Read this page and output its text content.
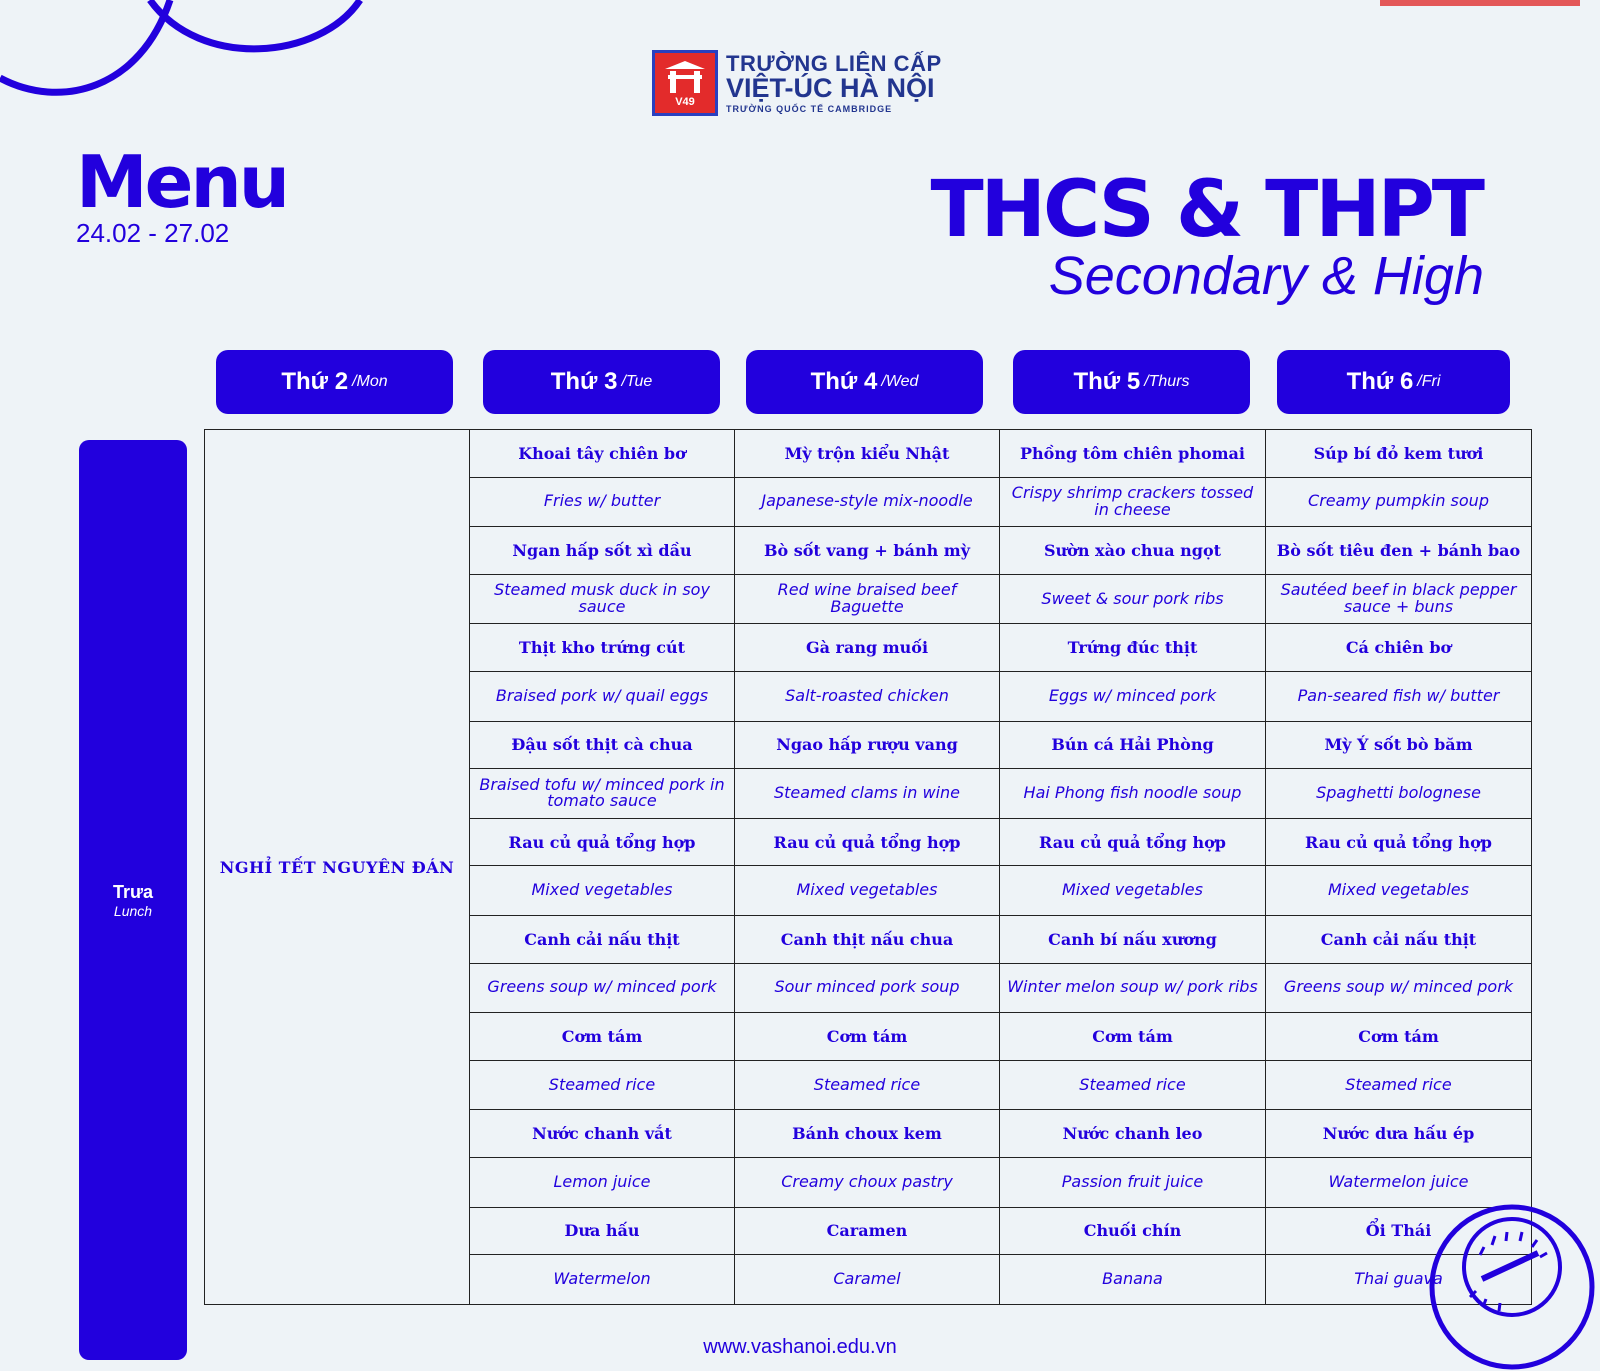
V49
TRƯỜNG LIÊN CẤP
VIỆT-ÚC HÀ NỘI
TRƯỜNG QUỐC TẾ CAMBRIDGE
Menu
24.02 - 27.02	THCS & THPT
Secondary & High
Thứ 2 /Mon	Thứ 3 /Tue	Thứ 4 /Wed	Thứ 5 /Thurs	Thứ 6 /Fri
Trưa
Lunch
NGHỈ TẾT NGUYÊN ĐÁN	Khoai tây chiên bơ	Mỳ trộn kiểu Nhật	Phồng tôm chiên phomai	Súp bí đỏ kem tươi
	Fries w/ butter	Japanese-style mix-noodle	Crispy shrimp crackers tossed in cheese	Creamy pumpkin soup
	Ngan hấp sốt xì dầu	Bò sốt vang + bánh mỳ	Sườn xào chua ngọt	Bò sốt tiêu đen + bánh bao
	Steamed musk duck in soy sauce	Red wine braised beef Baguette	Sweet & sour pork ribs	Sautéed beef in black pepper sauce + buns
	Thịt kho trứng cút	Gà rang muối	Trứng đúc thịt	Cá chiên bơ
	Braised pork w/ quail eggs	Salt-roasted chicken	Eggs w/ minced pork	Pan-seared fish w/ butter
	Đậu sốt thịt cà chua	Ngao hấp rượu vang	Bún cá Hải Phòng	Mỳ Ý sốt bò băm
	Braised tofu w/ minced pork in tomato sauce	Steamed clams in wine	Hai Phong fish noodle soup	Spaghetti bolognese
	Rau củ quả tổng hợp	Rau củ quả tổng hợp	Rau củ quả tổng hợp	Rau củ quả tổng hợp
	Mixed vegetables	Mixed vegetables	Mixed vegetables	Mixed vegetables
	Canh cải nấu thịt	Canh thịt nấu chua	Canh bí nấu xương	Canh cải nấu thịt
	Greens soup w/ minced pork	Sour minced pork soup	Winter melon soup w/ pork ribs	Greens soup w/ minced pork
	Cơm tám	Cơm tám	Cơm tám	Cơm tám
	Steamed rice	Steamed rice	Steamed rice	Steamed rice
	Nước chanh vắt	Bánh choux kem	Nước chanh leo	Nước dưa hấu ép
	Lemon juice	Creamy choux pastry	Passion fruit juice	Watermelon juice
	Dưa hấu	Caramen	Chuối chín	Ổi Thái
	Watermelon	Caramel	Banana	Thai guava
www.vashanoi.edu.vn
